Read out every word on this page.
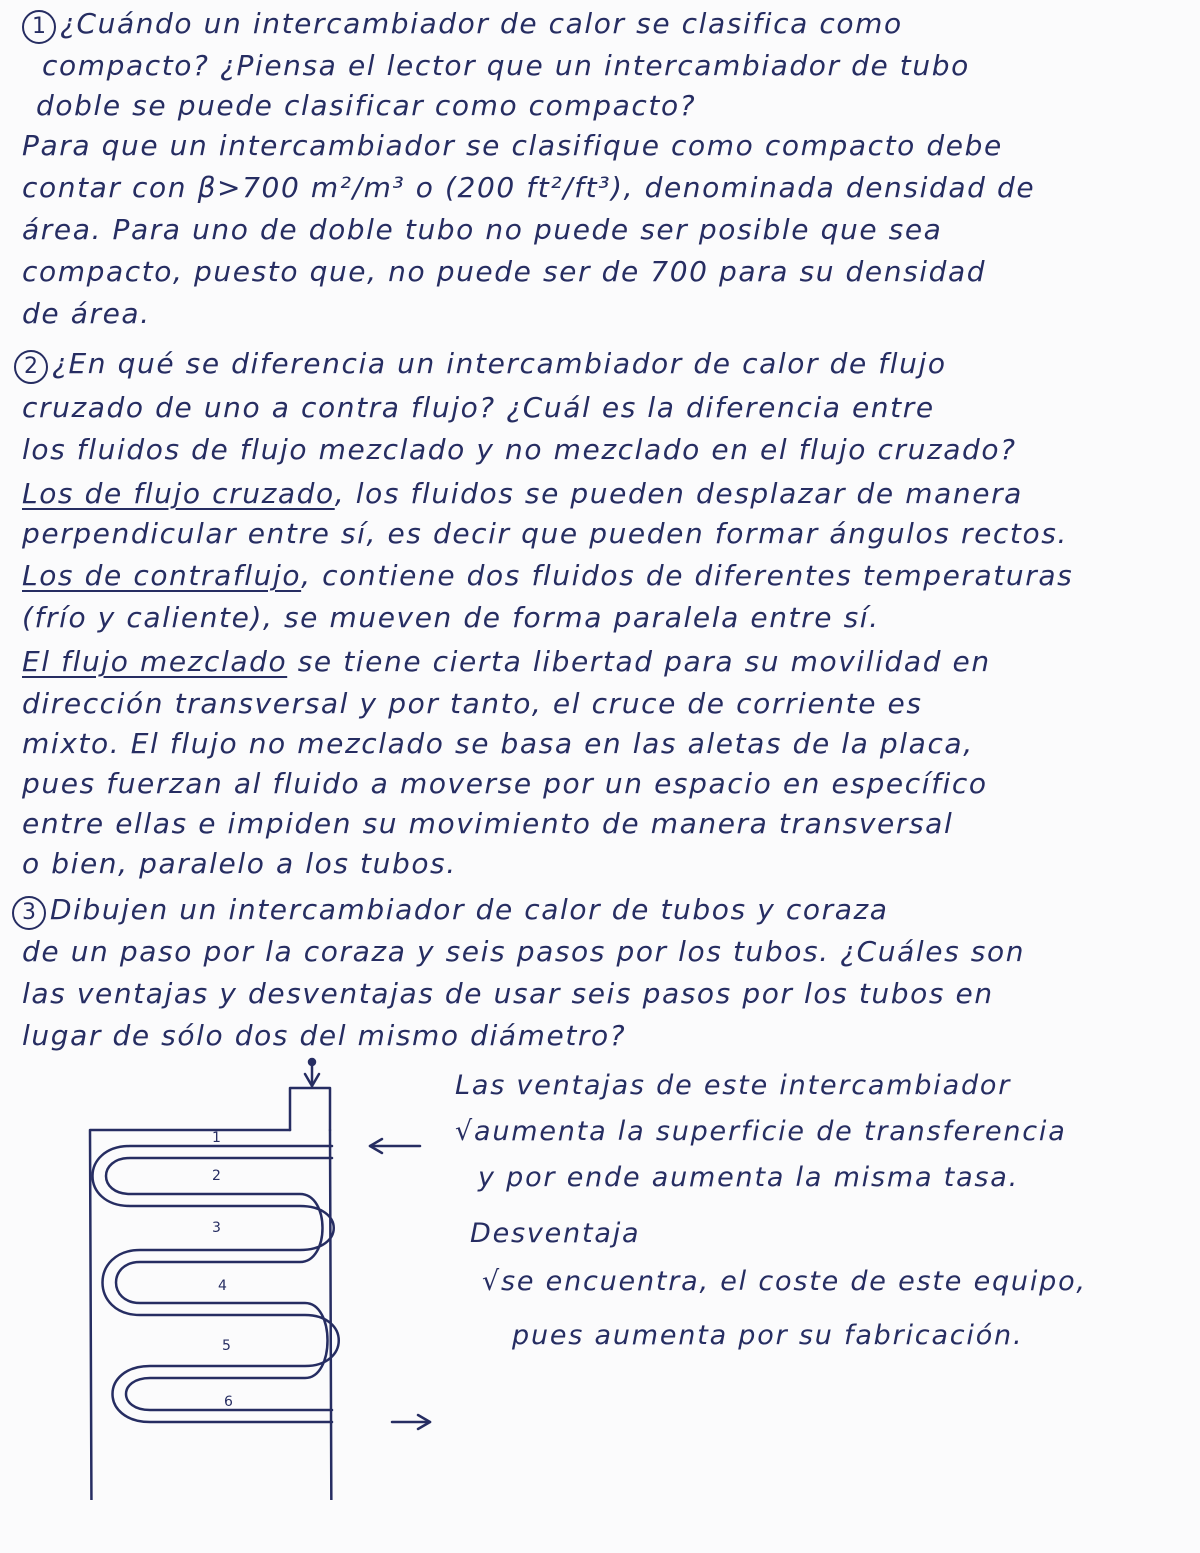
1 ¿Cuándo un intercambiador de calor se clasifica como
compacto? ¿Piensa el lector que un intercambiador de tubo
doble se puede clasificar como compacto?
Para que un intercambiador se clasifique como compacto debe
contar con β>700 m²/m³ o (200 ft²/ft³), denominada densidad de
área. Para uno de doble tubo no puede ser posible que sea
compacto, puesto que, no puede ser de 700 para su densidad
de área.
2 ¿En qué se diferencia un intercambiador de calor de flujo
cruzado de uno a contra flujo? ¿Cuál es la diferencia entre
los fluidos de flujo mezclado y no mezclado en el flujo cruzado?
Los de flujo cruzado, los fluidos se pueden desplazar de manera
perpendicular entre sí, es decir que pueden formar ángulos rectos.
Los de contraflujo, contiene dos fluidos de diferentes temperaturas
(frío y caliente), se mueven de forma paralela entre sí.
El flujo mezclado se tiene cierta libertad para su movilidad en
dirección transversal y por tanto, el cruce de corriente es
mixto. El flujo no mezclado se basa en las aletas de la placa,
pues fuerzan al fluido a moverse por un espacio en específico
entre ellas e impiden su movimiento de manera transversal
o bien, paralelo a los tubos.
3 Dibujen un intercambiador de calor de tubos y coraza
de un paso por la coraza y seis pasos por los tubos. ¿Cuáles son
las ventajas y desventajas de usar seis pasos por los tubos en
lugar de sólo dos del mismo diámetro?
Las ventajas de este intercambiador
√aumenta la superficie de transferencia
y por ende aumenta la misma tasa.
Desventaja
√se encuentra, el coste de este equipo,
pues aumenta por su fabricación.
1
2
3
4
5
6
